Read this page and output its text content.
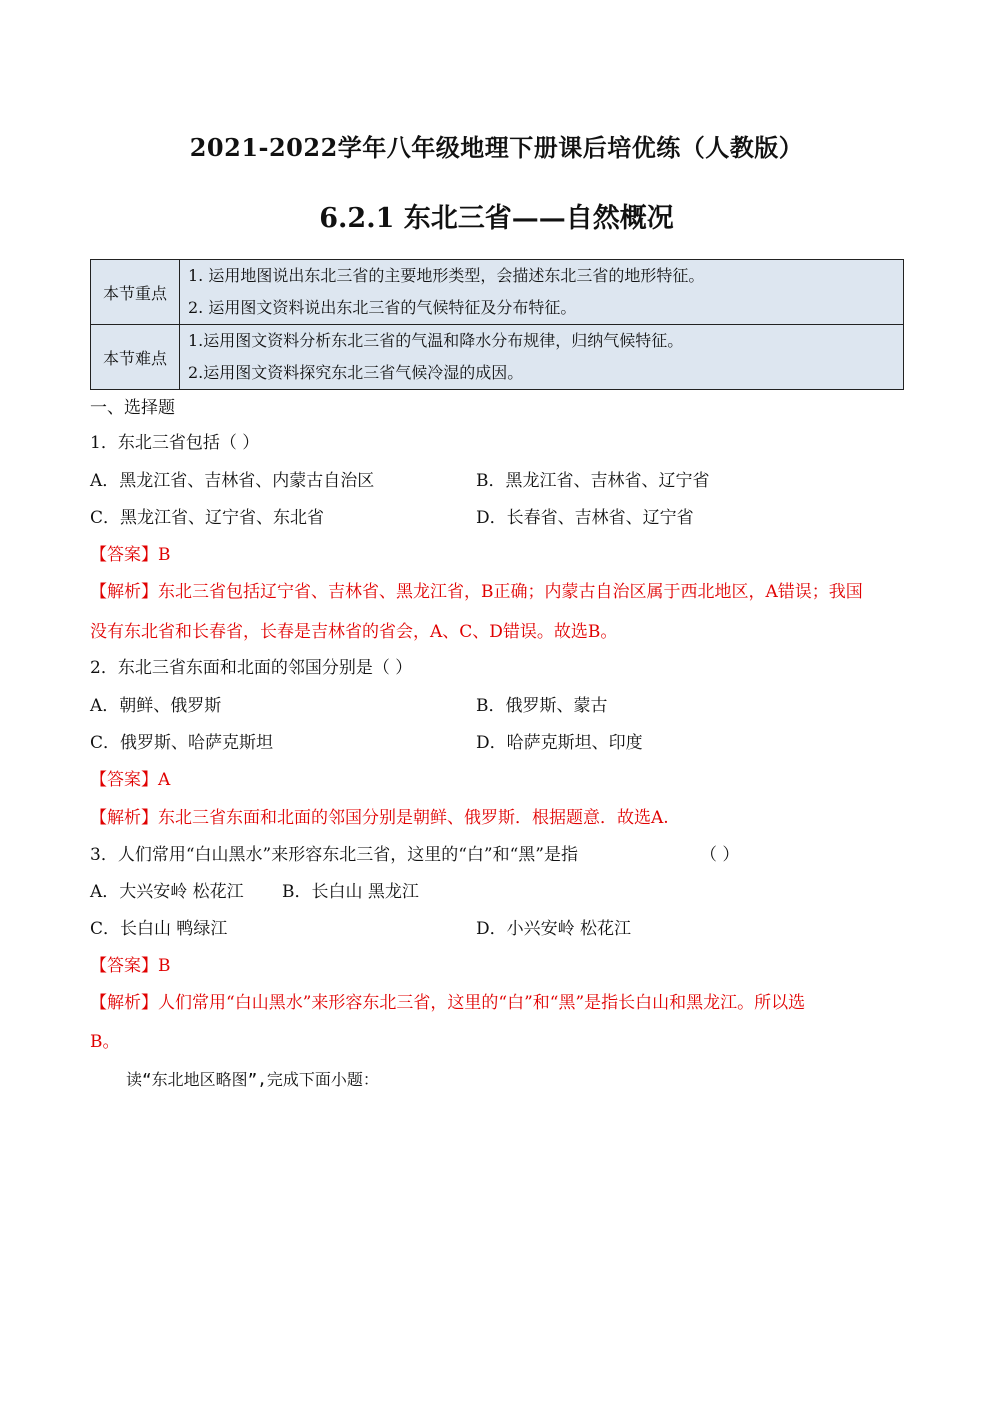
2021-2022学年八年级地理下册课后培优练（人教版）
6.2.1 东北三省——自然概况
本节重点	1. 运用地图说出东北三省的主要地形类型，会描述东北三省的地形特征。
2. 运用图文资料说出东北三省的气候特征及分布特征。

本节难点	1.运用图文资料分析东北三省的气温和降水分布规律，归纳气候特征。
2.运用图文资料探究东北三省气候冷湿的成因。
一、选择题
1．东北三省包括（ ）
A．黑龙江省、吉林省、内蒙古自治区	B．黑龙江省、吉林省、辽宁省
C．黑龙江省、辽宁省、东北省	D．长春省、吉林省、辽宁省
【答案】B
【解析】东北三省包括辽宁省、吉林省、黑龙江省，B正确；内蒙古自治区属于西北地区，A错误；我国
没有东北省和长春省，长春是吉林省的省会，A、C、D错误。故选B。
2．东北三省东面和北面的邻国分别是（ ）
A．朝鲜、俄罗斯	B．俄罗斯、蒙古
C．俄罗斯、哈萨克斯坦	D．哈萨克斯坦、印度
【答案】A
【解析】东北三省东面和北面的邻国分别是朝鲜、俄罗斯．根据题意．故选A.
3．人们常用“白山黑水”来形容东北三省，这里的“白”和“黑”是指	（ ）
A．大兴安岭 松花江 B．长白山 黑龙江
C．长白山 鸭绿江	D．小兴安岭 松花江
【答案】B
【解析】人们常用“白山黑水”来形容东北三省，这里的“白”和“黑”是指长白山和黑龙江。所以选
B。
读“东北地区略图”,完成下面小题：
